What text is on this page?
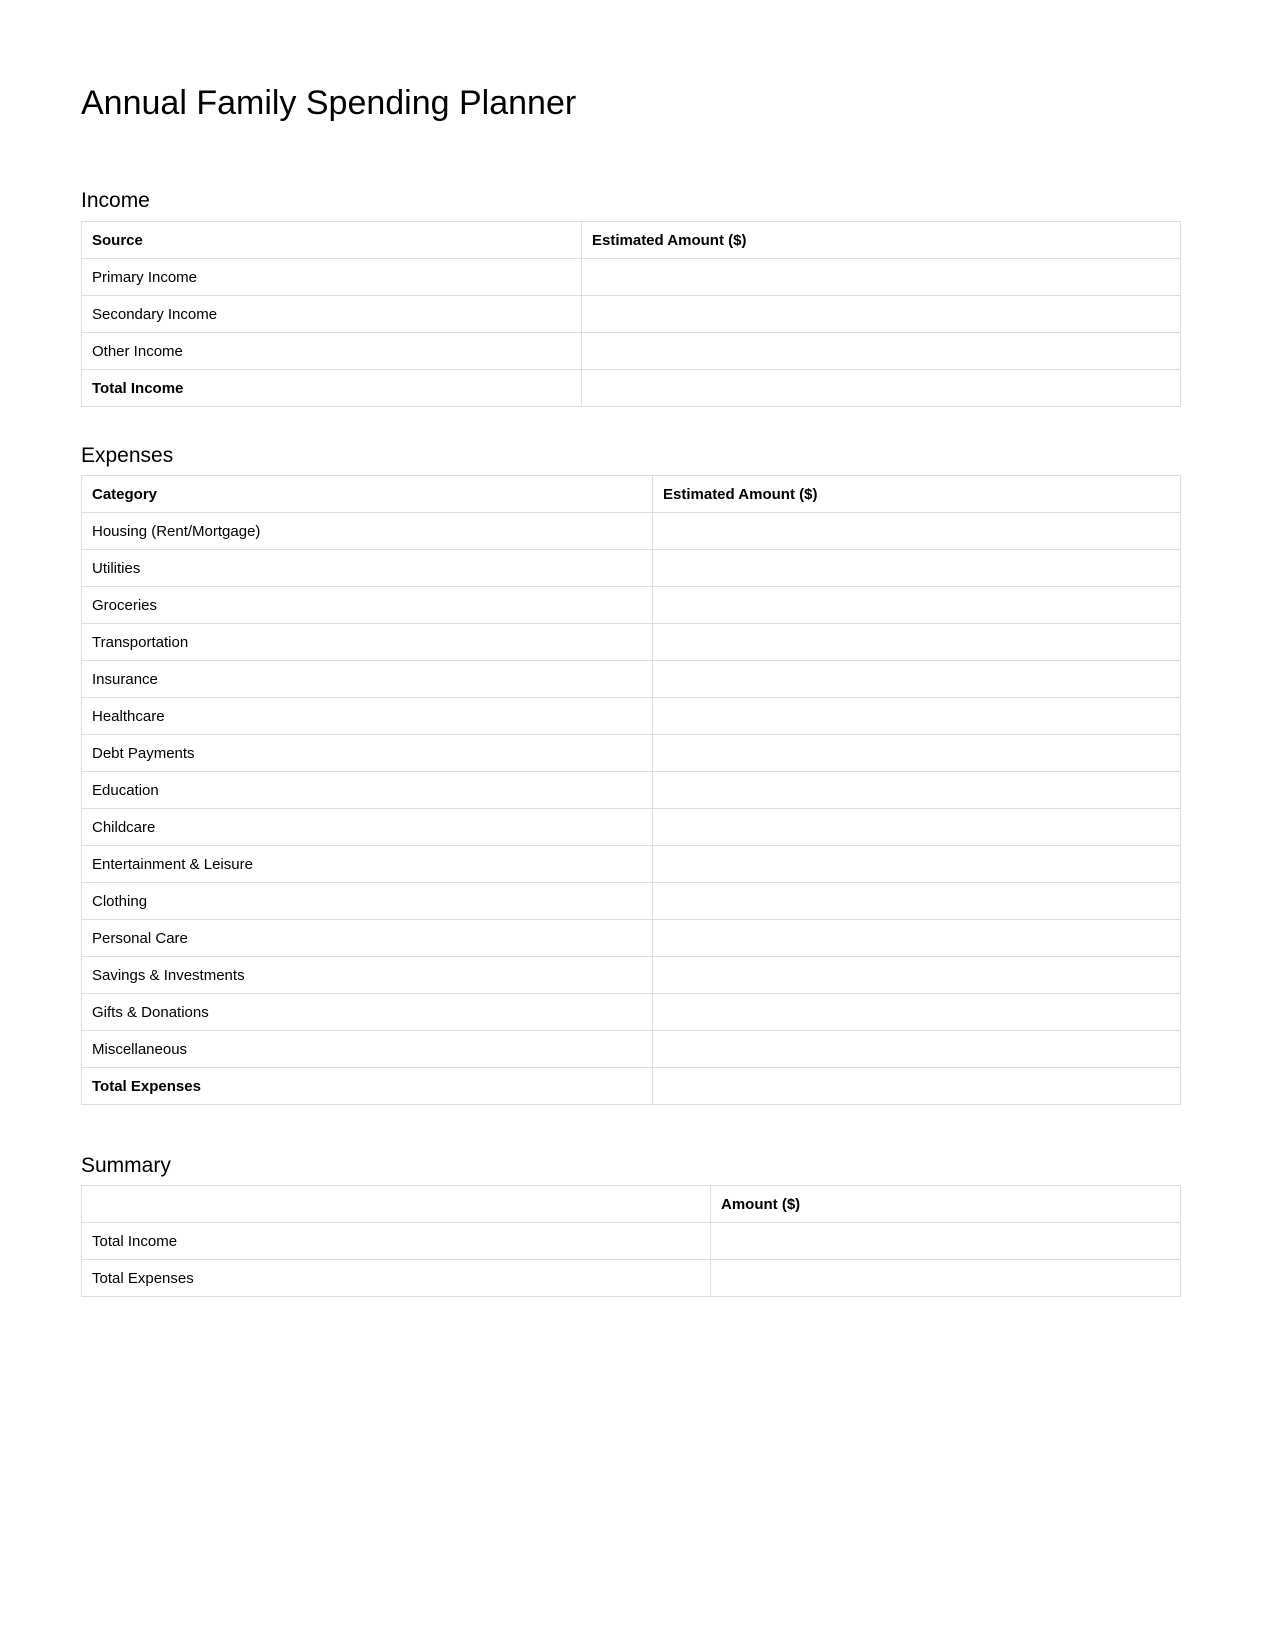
Annual Family Spending Planner
Income
Source	Estimated Amount ($)
Primary Income	
Secondary Income	
Other Income	
Total Income	
Expenses
Category	Estimated Amount ($)
Housing (Rent/Mortgage)	
Utilities	
Groceries	
Transportation	
Insurance	
Healthcare	
Debt Payments	
Education	
Childcare	
Entertainment & Leisure	
Clothing	
Personal Care	
Savings & Investments	
Gifts & Donations	
Miscellaneous	
Total Expenses	
Summary
	Amount ($)
Total Income	
Total Expenses	
